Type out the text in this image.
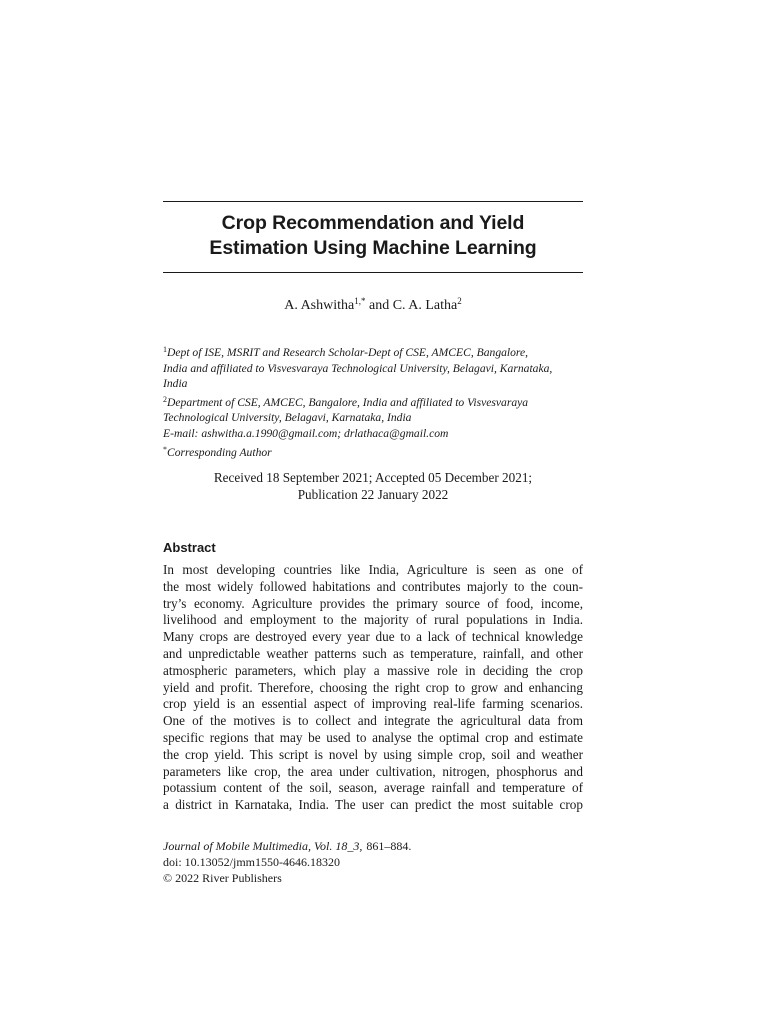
Crop Recommendation and Yield
Estimation Using Machine Learning
A. Ashwitha$^{1,*}$ and C. A. Latha$^2$
$^1$Dept of ISE, MSRIT and Research Scholar-Dept of CSE, AMCEC, Bangalore,
India and affiliated to Visvesvaraya Technological University, Belagavi, Karnataka,
India
$^2$Department of CSE, AMCEC, Bangalore, India and affiliated to Visvesvaraya
Technological University, Belagavi, Karnataka, India
E-mail: ashwitha.a.1990@gmail.com; drlathaca@gmail.com
*Corresponding Author
Received 18 September 2021; Accepted 05 December 2021;
Publication 22 January 2022
Abstract
In most developing countries like India, Agriculture is seen as one of
the most widely followed habitations and contributes majorly to the coun-
try’s economy. Agriculture provides the primary source of food, income,
livelihood and employment to the majority of rural populations in India.
Many crops are destroyed every year due to a lack of technical knowledge
and unpredictable weather patterns such as temperature, rainfall, and other
atmospheric parameters, which play a massive role in deciding the crop
yield and profit. Therefore, choosing the right crop to grow and enhancing
crop yield is an essential aspect of improving real-life farming scenarios.
One of the motives is to collect and integrate the agricultural data from
specific regions that may be used to analyse the optimal crop and estimate
the crop yield. This script is novel by using simple crop, soil and weather
parameters like crop, the area under cultivation, nitrogen, phosphorus and
potassium content of the soil, season, average rainfall and temperature of
a district in Karnataka, India. The user can predict the most suitable crop
Journal of Mobile Multimedia, Vol. 18_3, 861–884.
doi: 10.13052/jmm1550-4646.18320
© 2022 River Publishers
